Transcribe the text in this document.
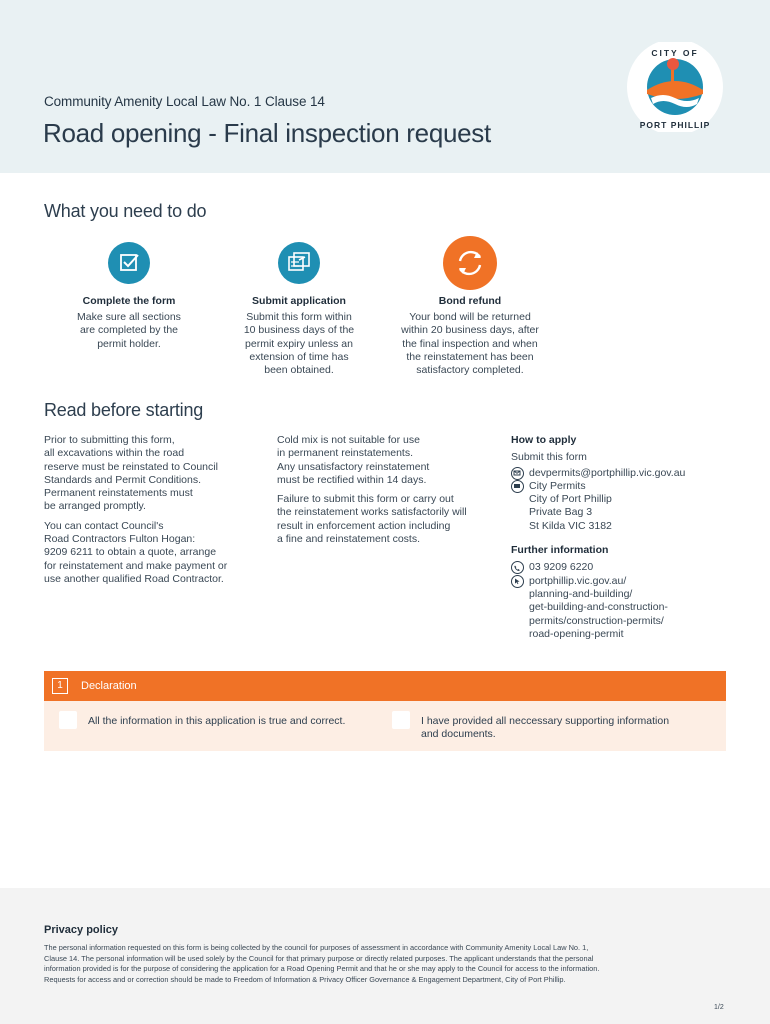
Community Amenity Local Law No. 1 Clause 14
Road opening - Final inspection request
CITY OF
PORT PHILLIP
What you need to do
Complete the form
Make sure all sections
are completed by the
permit holder.
Submit application
Submit this form within
10 business days of the
permit expiry unless an
extension of time has
been obtained.
Bond refund
Your bond will be returned
within 20 business days, after
the final inspection and when
the reinstatement has been
satisfactory completed.
Read before starting

Prior to submitting this form,
all excavations within the road
reserve must be reinstated to Council
Standards and Permit Conditions.
Permanent reinstatements must
be arranged promptly.

You can contact Council's
Road Contractors Fulton Hogan:
9209 6211 to obtain a quote, arrange
for reinstatement and make payment or
use another qualified Road Contractor.

Cold mix is not suitable for use
in permanent reinstatements.
Any unsatisfactory reinstatement
must be rectified within 14 days.

Failure to submit this form or carry out
the reinstatement works satisfactorily will
result in enforcement action including
a fine and reinstatement costs.

How to apply
Submit this form
devpermits@portphillip.vic.gov.au
City Permits
City of Port Phillip
Private Bag 3
St Kilda VIC 3182
Further information
03 9209 6220
portphillip.vic.gov.au/
planning-and-building/
get-building-and-construction-
permits/construction-permits/
road-opening-permit
1	Declaration
All the information in this application is true and correct.	I have provided all neccessary supporting information
and documents.
Privacy policy
The personal information requested on this form is being collected by the council for purposes of assessment in accordance with Community Amenity Local Law No. 1,
Clause 14. The personal information will be used solely by the Council for that primary purpose or directly related purposes. The applicant understands that the personal
information provided is for the purpose of considering the application for a Road Opening Permit and that he or she may apply to the Council for access to the information.
Requests for access and or correction should be made to Freedom of Information & Privacy Officer Governance & Engagement Department, City of Port Phillip.
1/2
